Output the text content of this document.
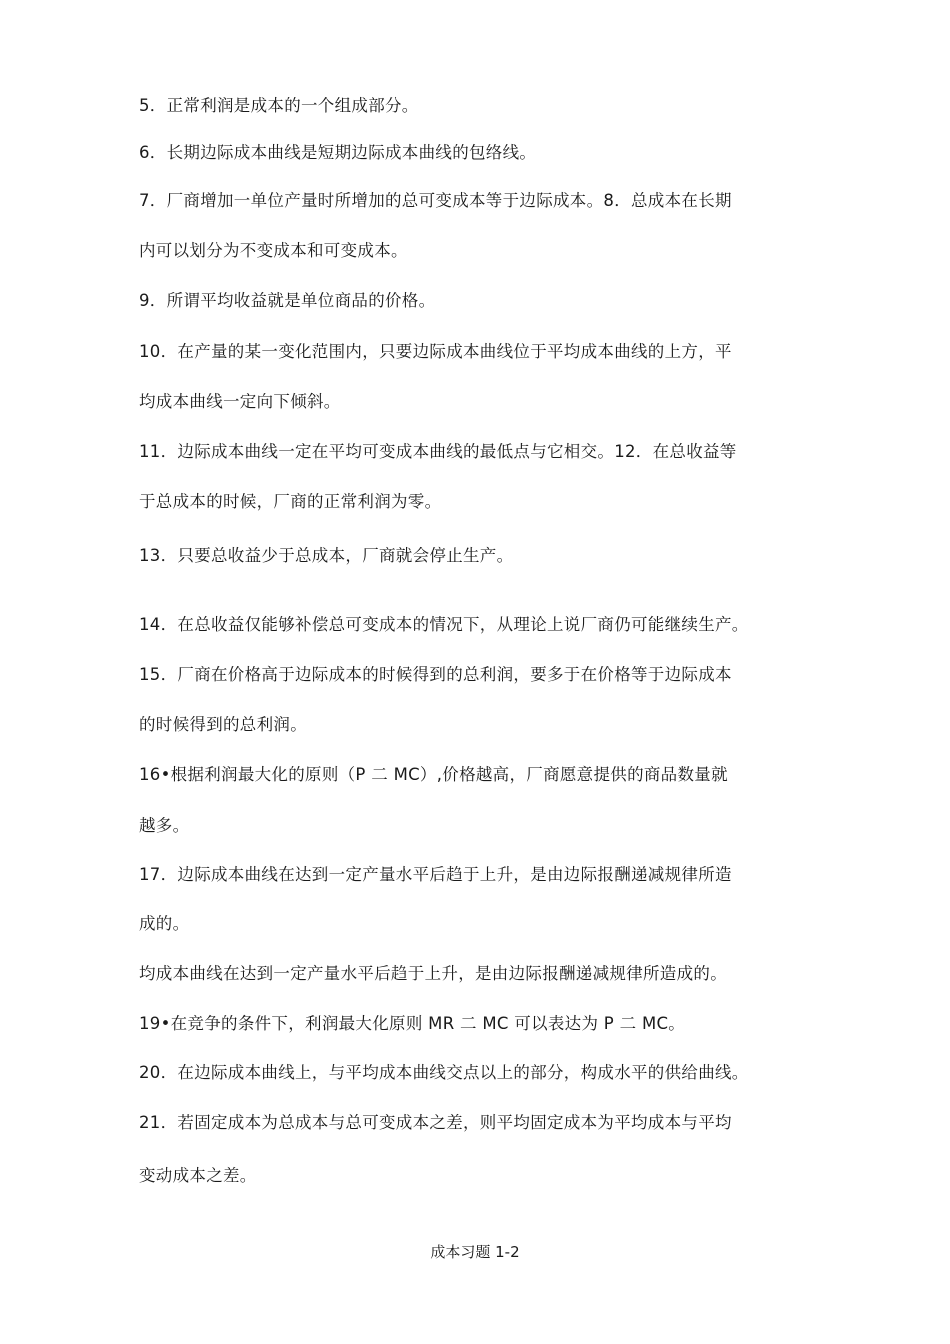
5．正常利润是成本的一个组成部分。
6．长期边际成本曲线是短期边际成本曲线的包络线。
7．厂商增加一单位产量时所增加的总可变成本等于边际成本。8．总成本在长期
内可以划分为不变成本和可变成本。
9．所谓平均收益就是单位商品的价格。
10．在产量的某一变化范围内，只要边际成本曲线位于平均成本曲线的上方，平
均成本曲线一定向下倾斜。
11．边际成本曲线一定在平均可变成本曲线的最低点与它相交。12．在总收益等
于总成本的时候，厂商的正常利润为零。
13．只要总收益少于总成本，厂商就会停止生产。
14．在总收益仅能够补偿总可变成本的情况下，从理论上说厂商仍可能继续生产。
15．厂商在价格高于边际成本的时候得到的总利润，要多于在价格等于边际成本
的时候得到的总利润。
16•根据利润最大化的原则（P 二 MC）,价格越高，厂商愿意提供的商品数量就
越多。
17．边际成本曲线在达到一定产量水平后趋于上升，是由边际报酬递减规律所造
成的。
均成本曲线在达到一定产量水平后趋于上升，是由边际报酬递减规律所造成的。
19•在竞争的条件下，利润最大化原则 MR 二 MC 可以表达为 P 二 MC。
20．在边际成本曲线上，与平均成本曲线交点以上的部分，构成水平的供给曲线。
21．若固定成本为总成本与总可变成本之差，则平均固定成本为平均成本与平均
变动成本之差。
成本习题 1-2
